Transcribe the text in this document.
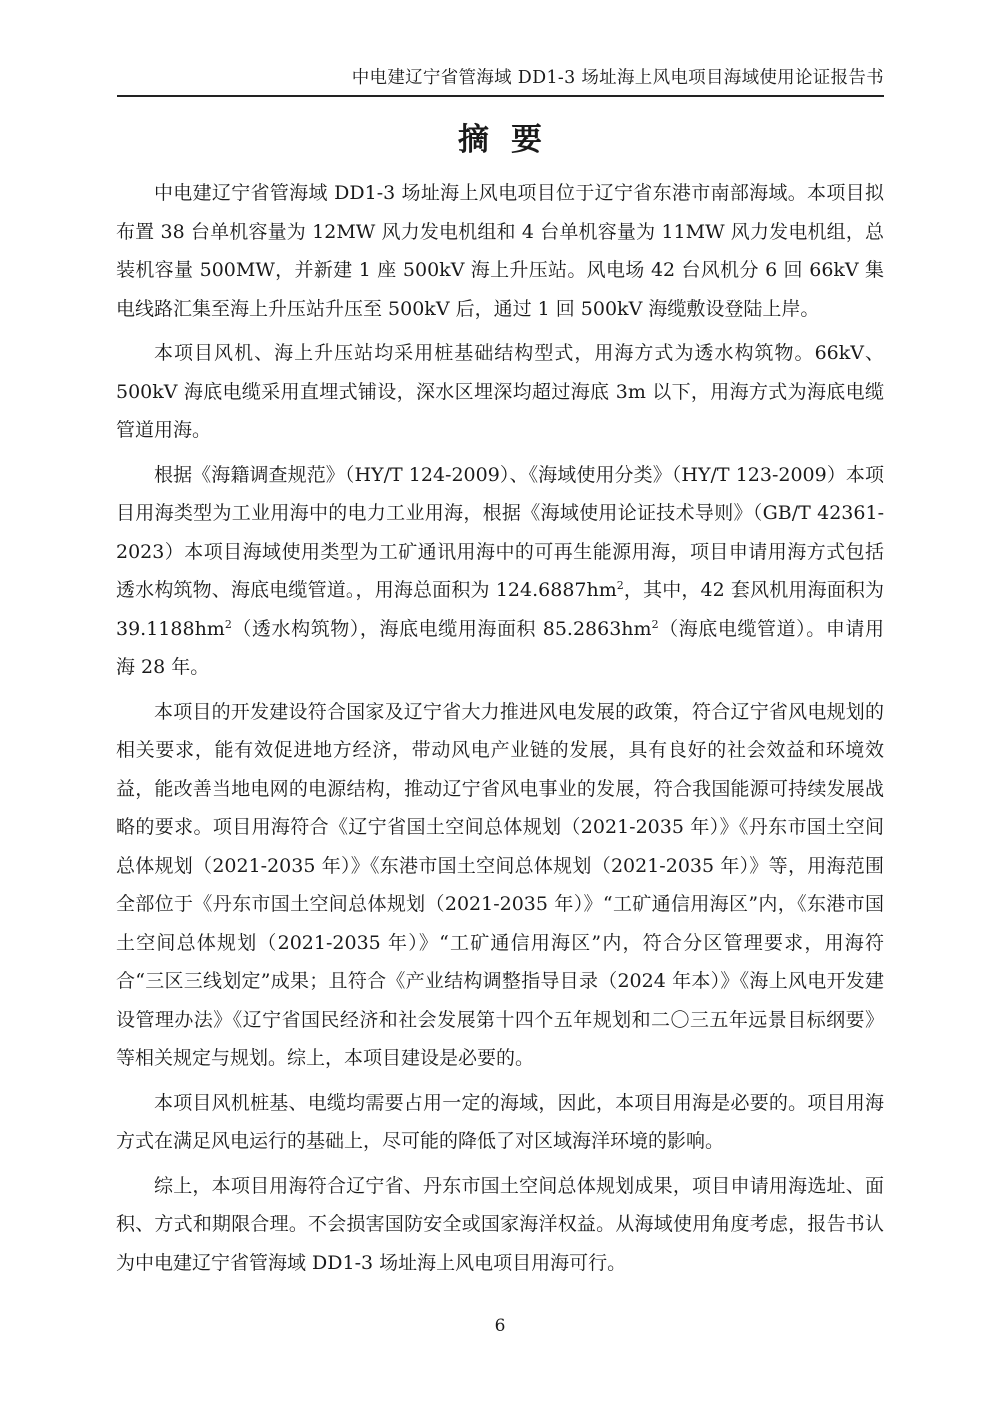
中电建辽宁省管海域 DD1-3 场址海上风电项目海域使用论证报告书
摘要

中电建辽宁省管海域 DD1-3 场址海上风电项目位于辽宁省东港市南部海域。本项目拟布置 38 台单机容量为 12MW 风力发电机组和 4 台单机容量为 11MW 风力发电机组，总装机容量 500MW，并新建 1 座 500kV 海上升压站。风电场 42 台风机分 6 回 66kV 集电线路汇集至海上升压站升压至 500kV 后，通过 1 回 500kV 海缆敷设登陆上岸。

本项目风机、海上升压站均采用桩基础结构型式，用海方式为透水构筑物。66kV、500kV 海底电缆采用直埋式铺设，深水区埋深均超过海底 3m 以下，用海方式为海底电缆管道用海。

根据《海籍调查规范》（HY/T 124-2009）、《海域使用分类》（HY/T 123-2009）本项目用海类型为工业用海中的电力工业用海，根据《海域使用论证技术导则》（GB/T 42361-2023）本项目海域使用类型为工矿通讯用海中的可再生能源用海，项目申请用海方式包括透水构筑物、海底电缆管道。，用海总面积为 $124.6887hm^2$，其中，42 套风机用海面积为 $39.1188hm^2$（透水构筑物），海底电缆用海面积 $85.2863hm^2$（海底电缆管道）。申请用海 28 年。

本项目的开发建设符合国家及辽宁省大力推进风电发展的政策，符合辽宁省风电规划的相关要求，能有效促进地方经济，带动风电产业链的发展，具有良好的社会效益和环境效益，能改善当地电网的电源结构，推动辽宁省风电事业的发展，符合我国能源可持续发展战略的要求。项目用海符合《辽宁省国土空间总体规划（2021-2035 年）》《丹东市国土空间总体规划（2021-2035 年）》《东港市国土空间总体规划（2021-2035 年）》等，用海范围全部位于《丹东市国土空间总体规划（2021-2035 年）》“工矿通信用海区”内，《东港市国土空间总体规划（2021-2035 年）》“工矿通信用海区”内，符合分区管理要求，用海符合“三区三线划定”成果；且符合《产业结构调整指导目录（2024 年本）》《海上风电开发建设管理办法》《辽宁省国民经济和社会发展第十四个五年规划和二〇三五年远景目标纲要》等相关规定与规划。综上，本项目建设是必要的。

本项目风机桩基、电缆均需要占用一定的海域，因此，本项目用海是必要的。项目用海方式在满足风电运行的基础上，尽可能的降低了对区域海洋环境的影响。

综上，本项目用海符合辽宁省、丹东市国土空间总体规划成果，项目申请用海选址、面积、方式和期限合理。不会损害国防安全或国家海洋权益。从海域使用角度考虑，报告书认为中电建辽宁省管海域 DD1-3 场址海上风电项目用海可行。

6
